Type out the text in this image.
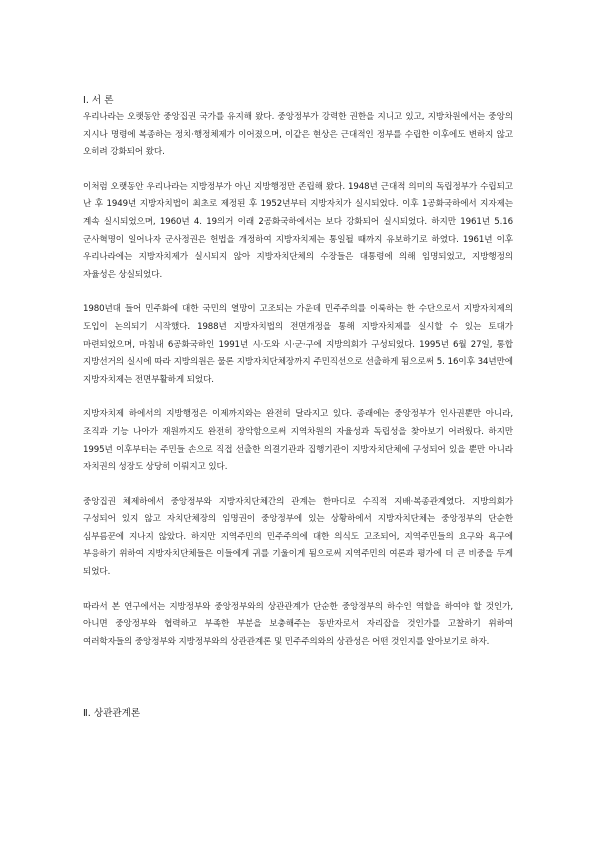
Ⅰ. 서 론

우리나라는 오랫동안 중앙집권 국가를 유지해 왔다. 중앙정부가 강력한 권한을 지니고 있고, 지방차원에서는 중앙의 지시나 명령에 복종하는 정치·행정체제가 이어졌으며, 이같은 현상은 근대적인 정부를 수립한 이후에도 변하지 않고 오히려 강화되어 왔다.

이처럼 오랫동안 우리나라는 지방정부가 아닌 지방행정만 존립해 왔다. 1948년 근대적 의미의 독립정부가 수립되고 난 후 1949년 지방자치법이 최초로 제정된 후 1952년부터 지방자치가 실시되었다. 이후 1공화국하에서 지자제는 계속 실시되었으며, 1960년 4. 19의거 이래 2공화국하에서는 보다 강화되어 실시되었다. 하지만 1961년 5.16 군사혁명이 일어나자 군사정권은 헌법을 개정하여 지방자치제는 통일될 때까지 유보하기로 하였다. 1961년 이후 우리나라에는 지방자치제가 실시되지 않아 지방자치단체의 수장들은 대통령에 의해 임명되었고, 지방행정의 자율성은 상실되었다.

1980년대 들어 민주화에 대한 국민의 열망이 고조되는 가운데 민주주의를 이룩하는 한 수단으로서 지방자치제의 도입이 논의되기 시작했다. 1988년 지방자치법의 전면개정을 통해 지방자치제를 실시할 수 있는 토대가 마련되었으며, 마침내 6공화국하인 1991년 시·도와 시·군·구에 지방의회가 구성되었다. 1995년 6월 27일, 통합 지방선거의 실시에 따라 지방의원은 물론 지방자치단체장까지 주민직선으로 선출하게 됨으로써 5. 16이후 34년만에 지방자치제는 전면부활하게 되었다.

지방자치제 하에서의 지방행정은 이제까지와는 완전히 달라지고 있다. 종래에는 중앙정부가 인사권뿐만 아니라, 조직과 기능 나아가 재원까지도 완전히 장악함으로써 지역차원의 자율성과 독립성을 찾아보기 어려웠다. 하지만 1995년 이후부터는 주민들 손으로 직접 선출한 의결기관과 집행기관이 지방자치단체에 구성되어 있을 뿐만 아니라 자치권의 성장도 상당히 이뤄지고 있다.

중앙집권 체제하에서 중앙정부와 지방자치단체간의 관계는 한마디로 수직적 지배·복종관계였다. 지방의회가 구성되어 있지 않고 자치단체장의 임명권이 중앙정부에 있는 상황하에서 지방자치단체는 중앙정부의 단순한 심부름꾼에 지나지 않았다. 하지만 지역주민의 민주주의에 대한 의식도 고조되어, 지역주민들의 요구와 욕구에 부응하기 위하여 지방자치단체들은 이들에게 귀를 기울이게 됨으로써 지역주민의 여론과 평가에 더 큰 비중을 두게 되었다.

따라서 본 연구에서는 지방정부와 중앙정부와의 상관관계가 단순한 중앙정부의 하수인 역할을 하여야 할 것인가, 아니면 중앙정부와 협력하고 부족한 부분을 보충해주는 동반자로서 자리잡을 것인가를 고찰하기 위하여 여러학자들의 중앙정부와 지방정부와의 상관관계론 및 민주주의와의 상관성은 어떤 것인지를 알아보기로 하자.

Ⅱ. 상관관계론
